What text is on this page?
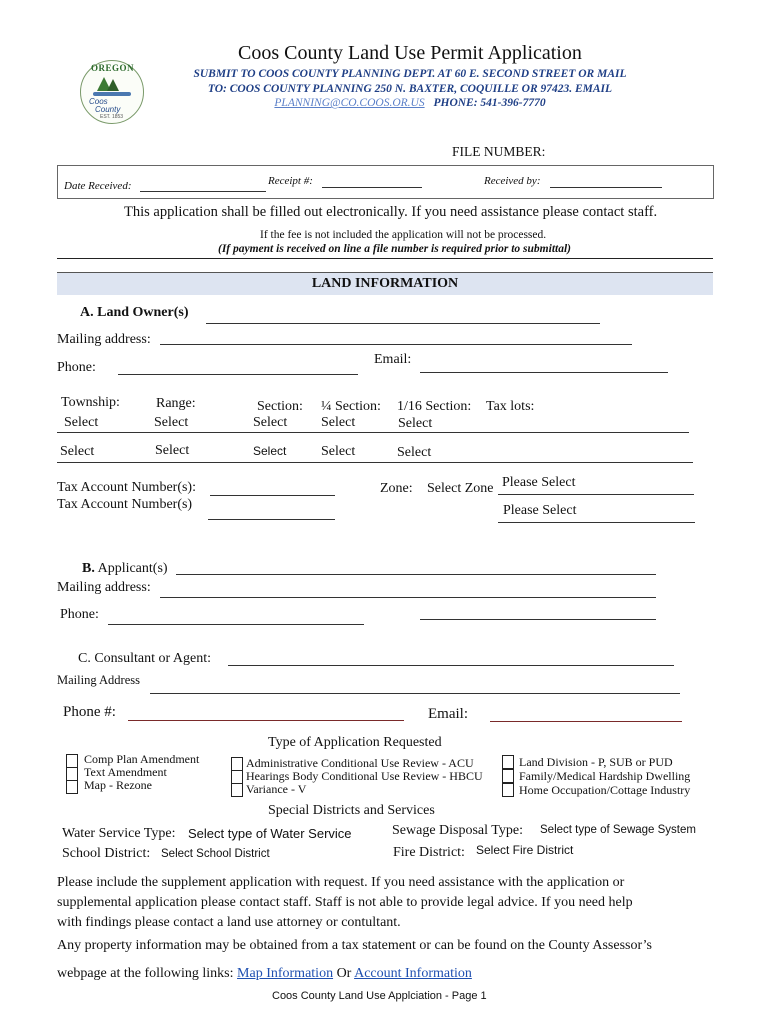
OREGON
Coos
County
EST. 1853
Coos County Land Use Permit Application
SUBMIT TO COOS COUNTY PLANNING DEPT. AT 60 E. SECOND STREET OR MAIL
TO: COOS COUNTY PLANNING 250 N. BAXTER, COQUILLE OR 97423. EMAIL
PLANNING@CO.COOS.OR.US PHONE: 541-396-7770
FILE NUMBER:
Date Received:	Receipt #:	Received by:
This application shall be filled out electronically. If you need assistance please contact staff.
If the fee is not included the application will not be processed.
(If payment is received on line a file number is required prior to submittal)
LAND INFORMATION
A. Land Owner(s)
Mailing address:
Email:
Phone:
Township:	Range:	Section: ¼ Section: 1/16 Section: Tax lots:
Select	Select	Select Select	Select
Select	Select	Select Select	Select
Tax Account Number(s):
Tax Account Number(s)
Zone: Select Zone Please Select
Please Select
B. Applicant(s)
Mailing address:
Phone:
C. Consultant or Agent:
Mailing Address
Phone #:	Email:
Type of Application Requested
Comp Plan Amendment
Text Amendment
Map - Rezone
Administrative Conditional Use Review - ACU
Hearings Body Conditional Use Review - HBCU
Variance - V
Land Division - P, SUB or PUD
Family/Medical Hardship Dwelling
Home Occupation/Cottage Industry
Special Districts and Services
Water Service Type: Select type of Water Service	Sewage Disposal Type: Select type of Sewage System
School District: Select School District	Fire District: Select Fire District
Please include the supplement application with request. If you need assistance with the application or
supplemental application please contact staff. Staff is not able to provide legal advice. If you need help
with findings please contact a land use attorney or contultant.
Any property information may be obtained from a tax statement or can be found on the County Assessor’s
webpage at the following links: Map Information Or Account Information
Coos County Land Use Applciation - Page 1
